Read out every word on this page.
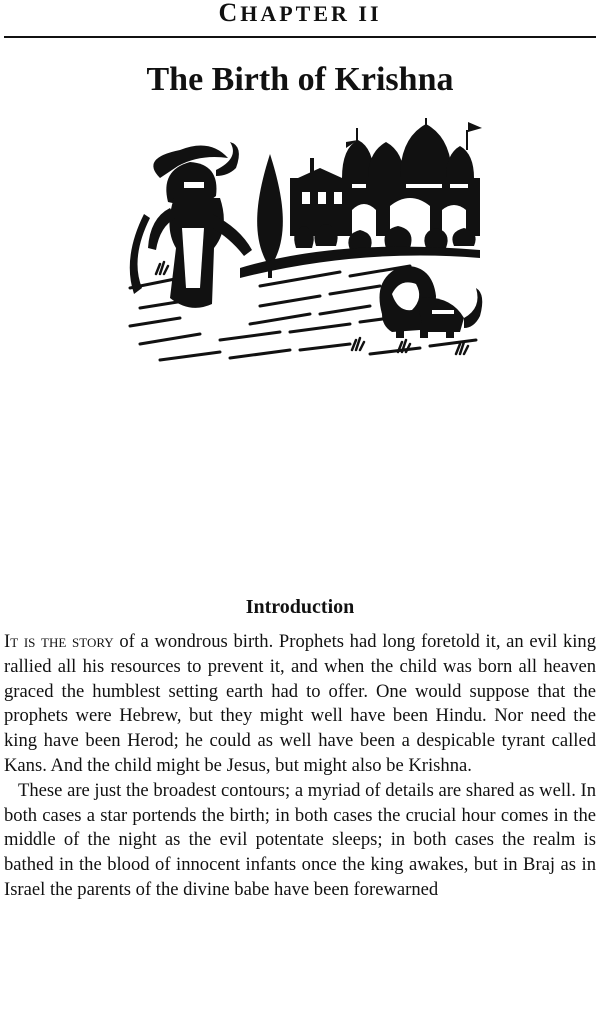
CHAPTER II
The Birth of Krishna
Introduction

It is the story of a wondrous birth. Prophets had long foretold it, an evil king rallied all his resources to prevent it, and when the child was born all heaven graced the humblest setting earth had to offer. One would suppose that the prophets were Hebrew, but they might well have been Hindu. Nor need the king have been Herod; he could as well have been a despicable tyrant called Kans. And the child might be Jesus, but might also be Krishna.

These are just the broadest contours; a myriad of details are shared as well. In both cases a star portends the birth; in both cases the crucial hour comes in the middle of the night as the evil potentate sleeps; in both cases the realm is bathed in the blood of innocent infants once the king awakes, but in Braj as in Israel the parents of the divine babe have been forewarned
